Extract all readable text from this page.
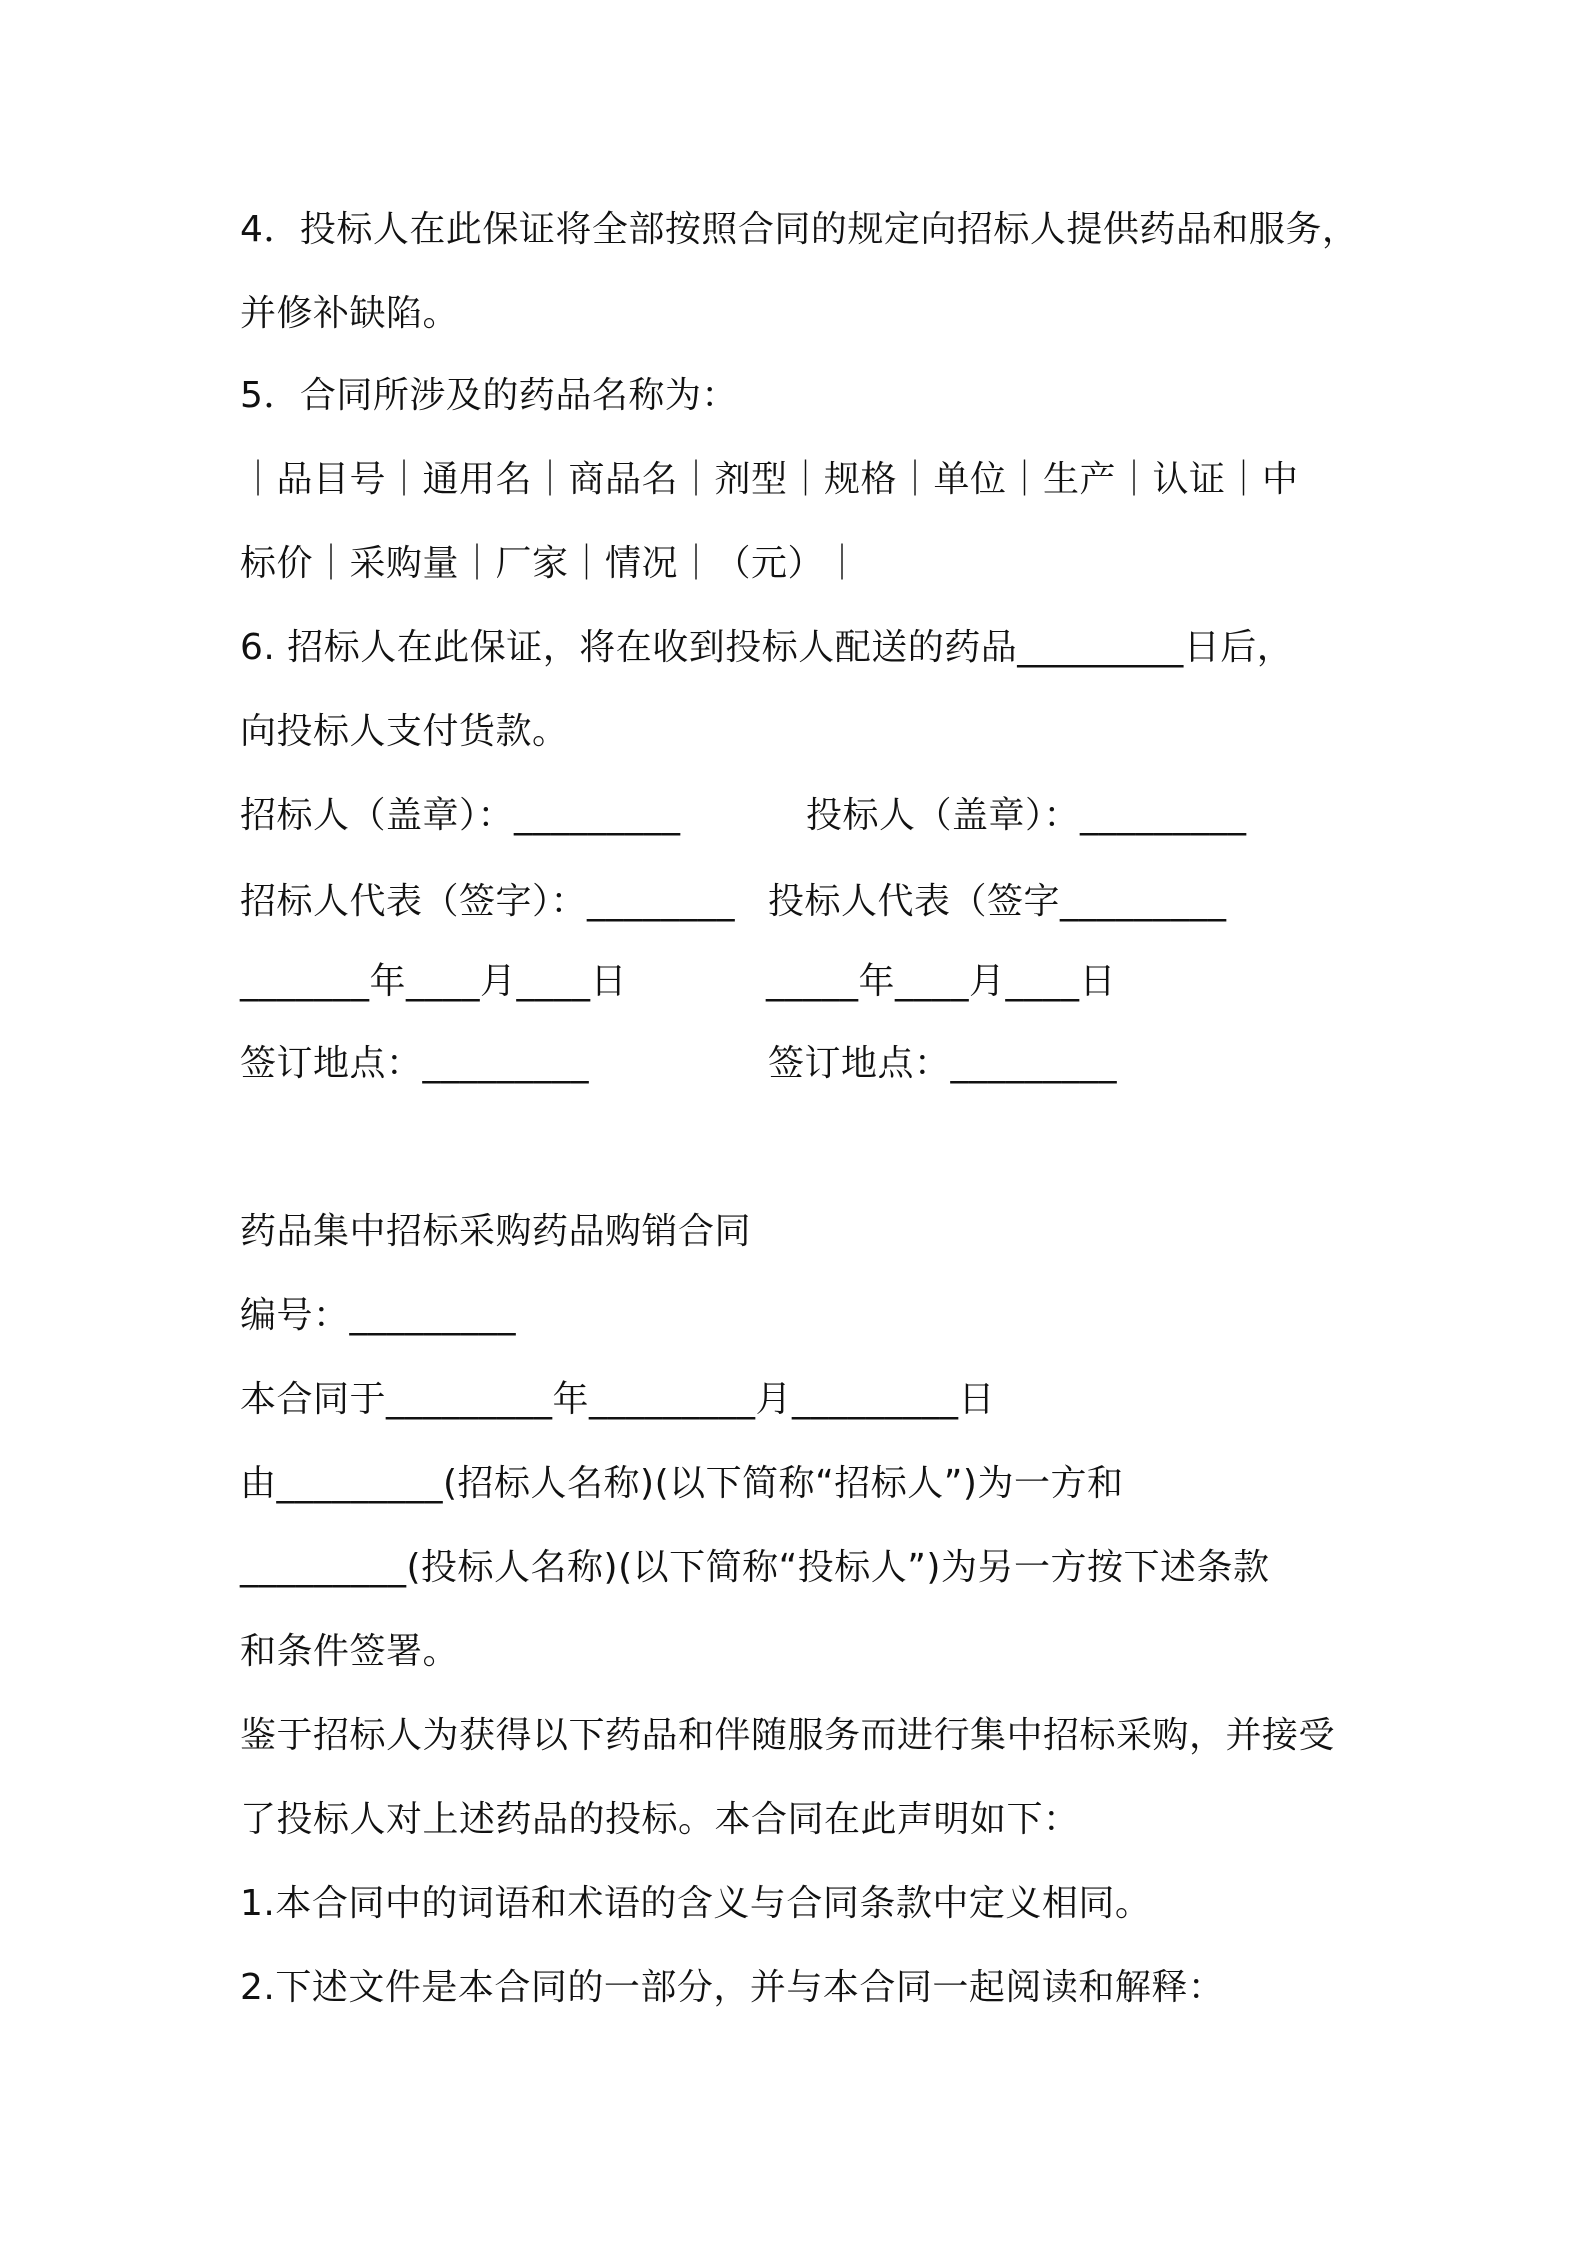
4．投标人在此保证将全部按照合同的规定向招标人提供药品和服务，
并修补缺陷。
5．合同所涉及的药品名称为：
｜品目号｜通用名｜商品名｜剂型｜规格｜单位｜生产｜认证｜中
标价｜采购量｜厂家｜情况｜（元）｜
6. 招标人在此保证，将在收到投标人配送的药品_________日后，
向投标人支付货款。
招标人（盖章）：_________	投标人（盖章）：_________
招标人代表（签字）：________ 投标人代表（签字_________
_______年____月____日	_____年____月____日
签订地点：_________	签订地点：_________
药品集中招标采购药品购销合同
编号：_________
本合同于_________年_________月_________日
由_________(招标人名称)(以下简称“招标人”)为一方和
_________(投标人名称)(以下简称“投标人”)为另一方按下述条款
和条件签署。
鉴于招标人为获得以下药品和伴随服务而进行集中招标采购，并接受
了投标人对上述药品的投标。本合同在此声明如下：
1.本合同中的词语和术语的含义与合同条款中定义相同。
2.下述文件是本合同的一部分，并与本合同一起阅读和解释：
